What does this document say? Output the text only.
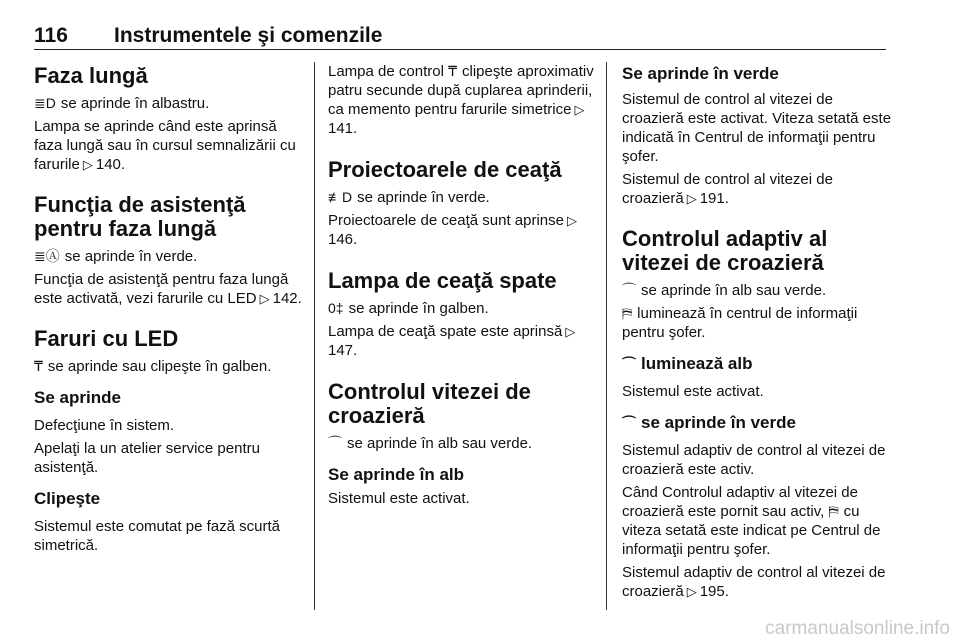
116 Instrumentele şi comenzile
Faza lungă

≣D se aprinde în albastru.

Lampa se aprinde când este aprinsă faza lungă sau în cursul semnalizării cu farurile ▷ 140.

Funcţia de asistenţă pentru faza lungă

≣Ⓐ se aprinde în verde.

Funcţia de asistenţă pentru faza lungă este activată, vezi farurile cu LED ▷ 142.

Faruri cu LED

₸ se aprinde sau clipeşte în galben.

Se aprinde

Defecţiune în sistem.

Apelaţi la un atelier service pentru asistenţă.

Clipeşte

Sistemul este comutat pe fază scurtă simetrică.

Lampa de control ₸ clipeşte aproximativ patru secunde după cuplarea aprinderii, ca memento pentru farurile simetrice ▷141.

Proiectoarele de ceaţă

≢D se aprinde în verde.

Proiectoarele de ceaţă sunt aprinse ▷146.

Lampa de ceaţă spate

0‡ se aprinde în galben.

Lampa de ceaţă spate este aprinsă ▷147.

Controlul vitezei de croazieră

⌒ se aprinde în alb sau verde.

Se aprinde în alb

Sistemul este activat.

Se aprinde în verde

Sistemul de control al vitezei de croazieră este activat. Viteza setată este indicată în Centrul de informaţii pentru şofer.

Sistemul de control al vitezei de croazieră ▷ 191.

Controlul adaptiv al vitezei de croazieră

⌒ se aprinde în alb sau verde.

⛿ luminează în centrul de informaţii pentru şofer.

⌒ luminează alb

Sistemul este activat.

⌒ se aprinde în verde

Sistemul adaptiv de control al vitezei de croazieră este activ.

Când Controlul adaptiv al vitezei de croazieră este pornit sau activ, ⛿ cu viteza setată este indicat pe Centrul de informaţii pentru şofer.

Sistemul adaptiv de control al vitezei de croazieră ▷ 195.

carmanualsonline.info
